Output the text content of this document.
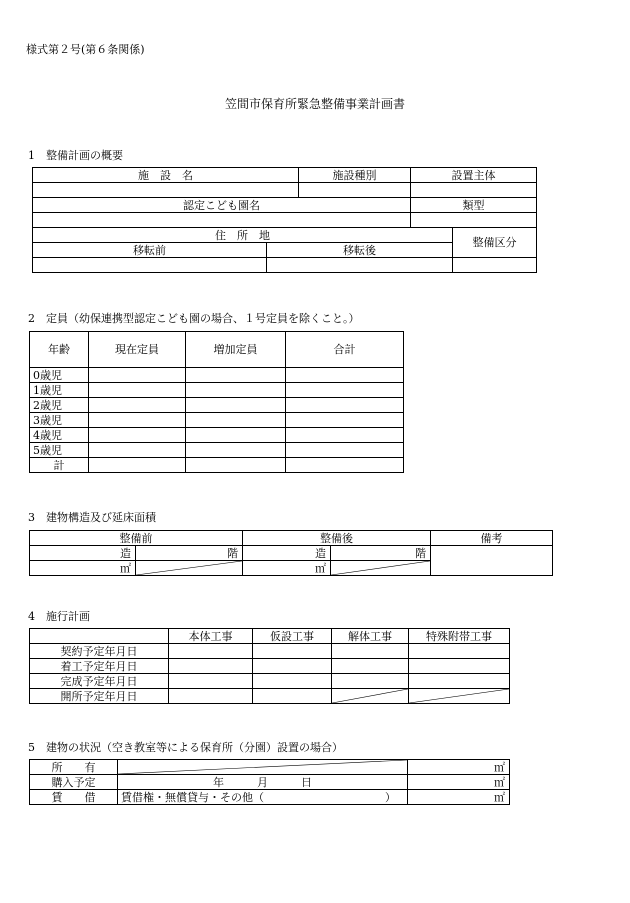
様式第２号(第６条関係)
笠間市保育所緊急整備事業計画書
1　整備計画の概要
施　設　名		施設種別	設置主体	

認定こども園名			類型	

住　所　地				整備区分
移転前	移転後			

2　定員（幼保連携型認定こども園の場合、１号定員を除くこと。）
年齢	現在定員	増加定員	合計
0歳児			
1歳児			
2歳児			
3歳児			
4歳児			
5歳児			
計			
3　建物構造及び延床面積
整備前		整備後		備考
造	階	造	階	
㎡		㎡	
4　施行計画
	本体工事	仮設工事	解体工事	特殊附帯工事
契約予定年月日				
着工予定年月日				
完成予定年月日				
開所予定年月日			

5　建物の状況（空き教室等による保育所（分園）設置の場合）
所　　有		㎡
購入予定	年　　　月　　　日	㎡
賃　　借	賃借権・無償貸与・その他（　　　　　　　　　　　）	㎡
